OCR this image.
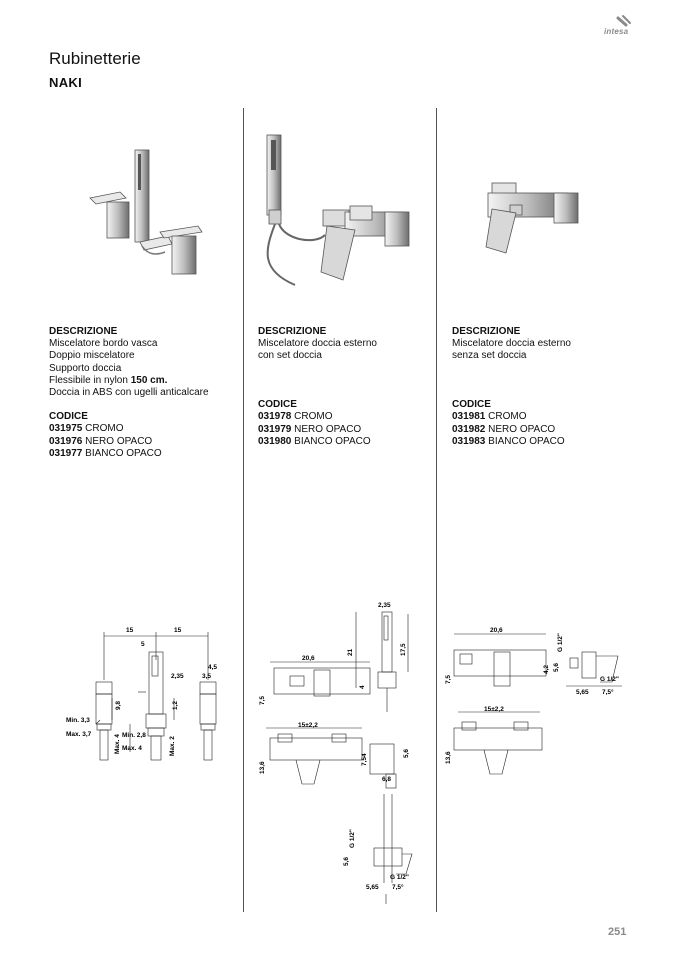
intesa
Rubinetterie
NAKI
DESCRIZIONE
Miscelatore bordo vasca
Doppio miscelatore
Supporto doccia
Flessibile in nylon 150 cm.
Doccia in ABS con ugelli anticalcare
CODICE
031975 CROMO
031976 NERO OPACO
031977 BIANCO OPACO
DESCRIZIONE
Miscelatore doccia esterno
con set doccia
CODICE
031978 CROMO
031979 NERO OPACO
031980 BIANCO OPACO
DESCRIZIONE
Miscelatore doccia esterno
senza set doccia
CODICE
031981 CROMO
031982 NERO OPACO
031983 BIANCO OPACO
15	15
5
2,35
4,5
3,5
9,8	1,2
Min. 3,3
Max. 3,7	Max. 4 Min. 2,8
Max. 4	Max. 2
2,35
21	17,5
20,6
7,5
4
15±2,2
13,6
7,54	5,6
6,8
G 1/2"
5,6
G 1/2"
5,65 7,5°
20,6
G 1/2"
4,2 5,6
7,5	G 1/2"
5,65 7,5°
15±2,2
13,6
251
